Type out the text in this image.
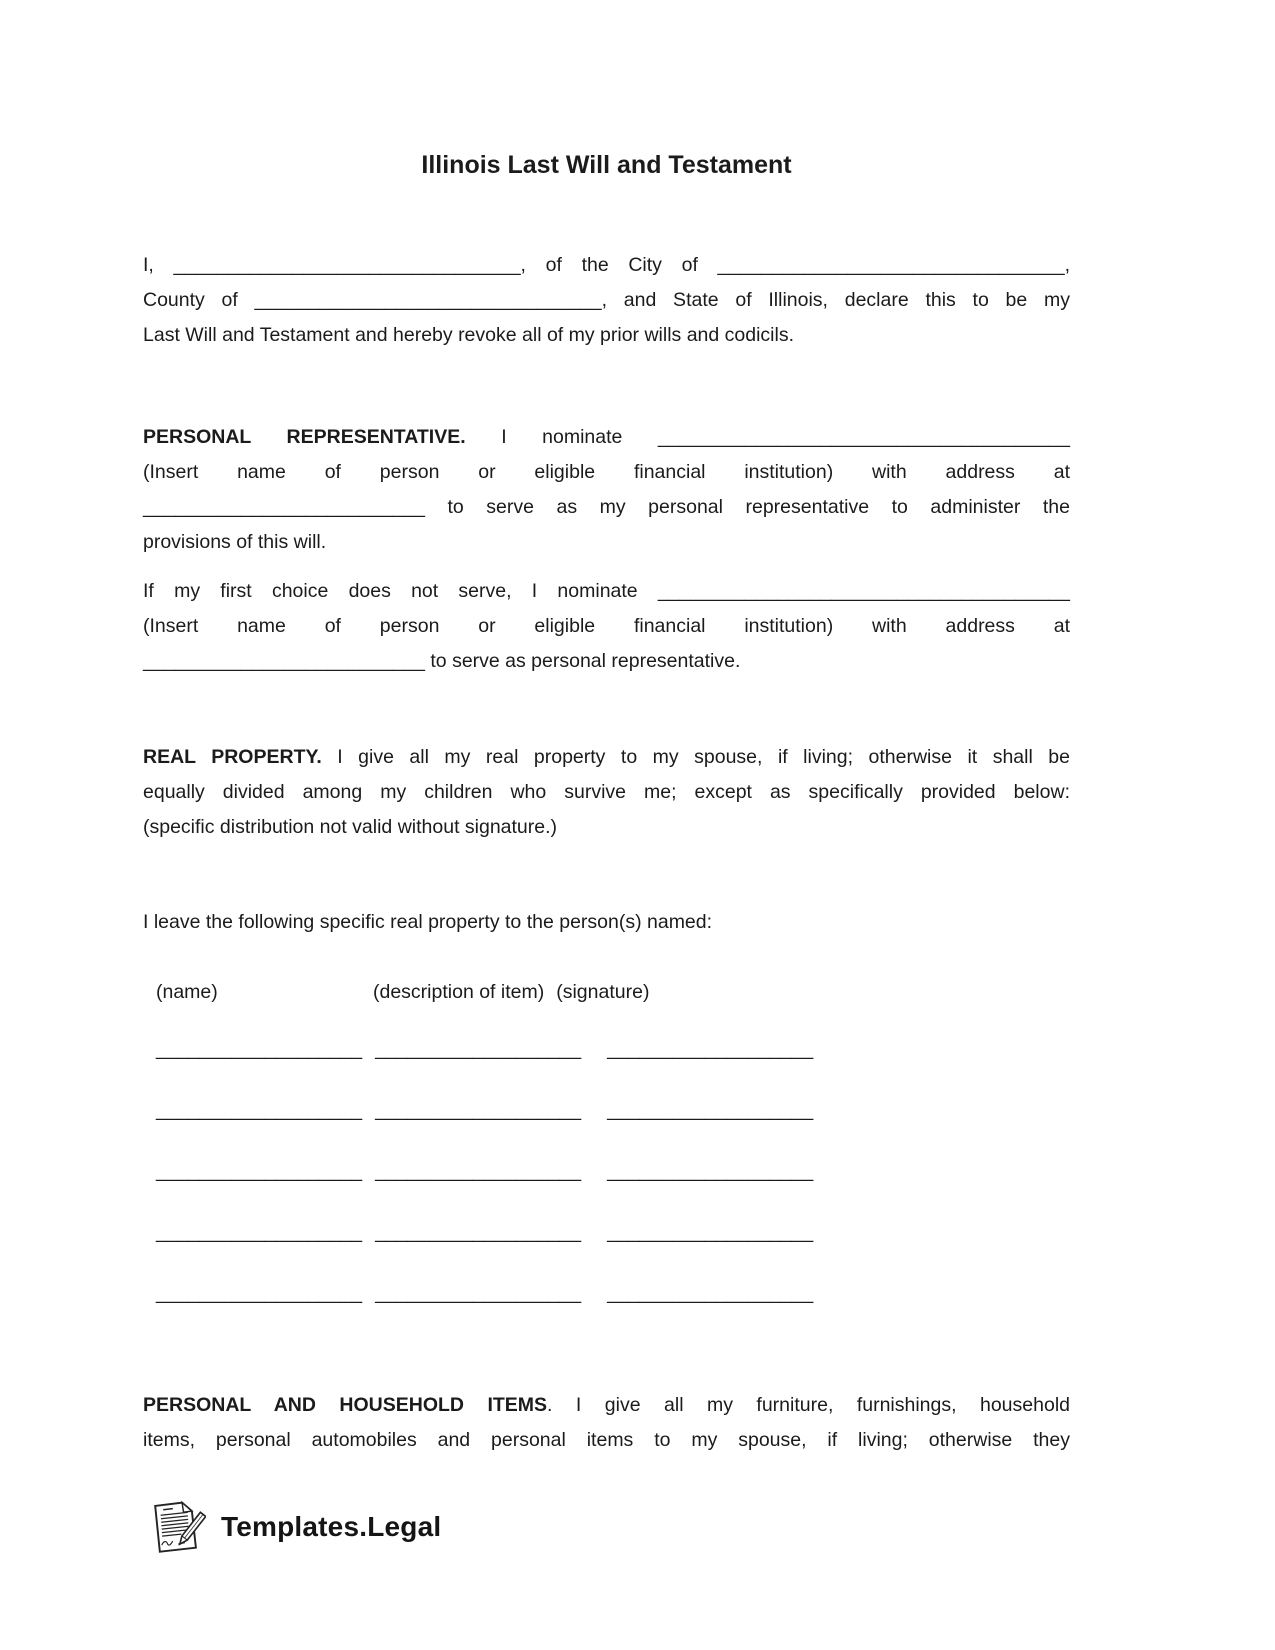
Illinois Last Will and Testament
I, ________________________________, of the City of ________________________________,
County of ________________________________, and State of Illinois, declare this to be my
Last Will and Testament and hereby revoke all of my prior wills and codicils.
PERSONAL REPRESENTATIVE. I nominate ______________________________________
(Insert name of person or eligible financial institution) with address at
__________________________ to serve as my personal representative to administer the
provisions of this will.
If my first choice does not serve, I nominate ______________________________________
(Insert name of person or eligible financial institution) with address at
__________________________ to serve as personal representative.
REAL PROPERTY. I give all my real property to my spouse, if living; otherwise it shall be
equally divided among my children who survive me; except as specifically provided below:
(specific distribution not valid without signature.)
I leave the following specific real property to the person(s) named:
(name)	(description of item) (signature)
___________________ ___________________ ___________________
___________________ ___________________ ___________________
___________________ ___________________ ___________________
___________________ ___________________ ___________________
___________________ ___________________ ___________________
PERSONAL AND HOUSEHOLD ITEMS. I give all my furniture, furnishings, household
items, personal automobiles and personal items to my spouse, if living; otherwise they
Templates.Legal
